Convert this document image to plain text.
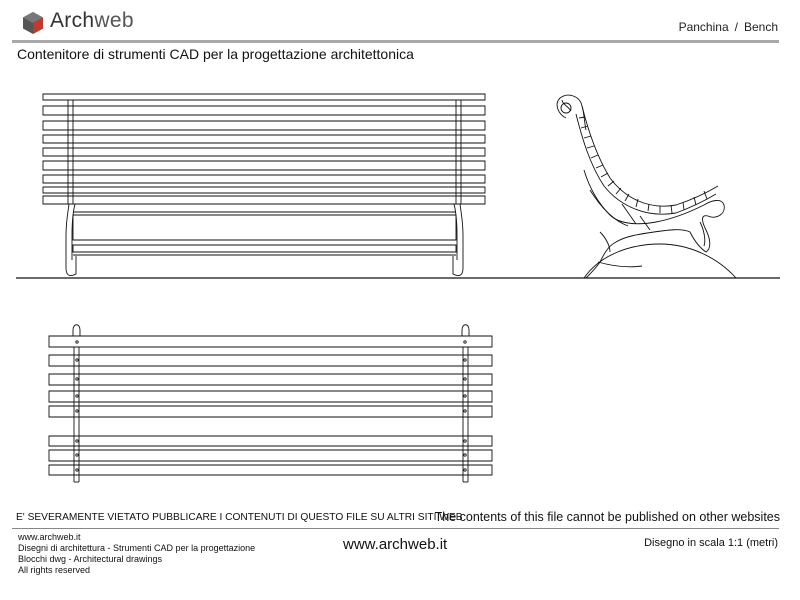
Archweb	Panchina / Bench
Contenitore di strumenti CAD per la progettazione architettonica
E' SEVERAMENTE VIETATO PUBBLICARE I CONTENUTI DI QUESTO FILE SU ALTRI SITI WEB
The contents of this file cannot be published on other websites
www.archweb.it
Disegni di architettura - Strumenti CAD per la progettazione
Blocchi dwg - Architectural drawings
All rights reserved
www.archweb.it	Disegno in scala 1:1 (metri)
